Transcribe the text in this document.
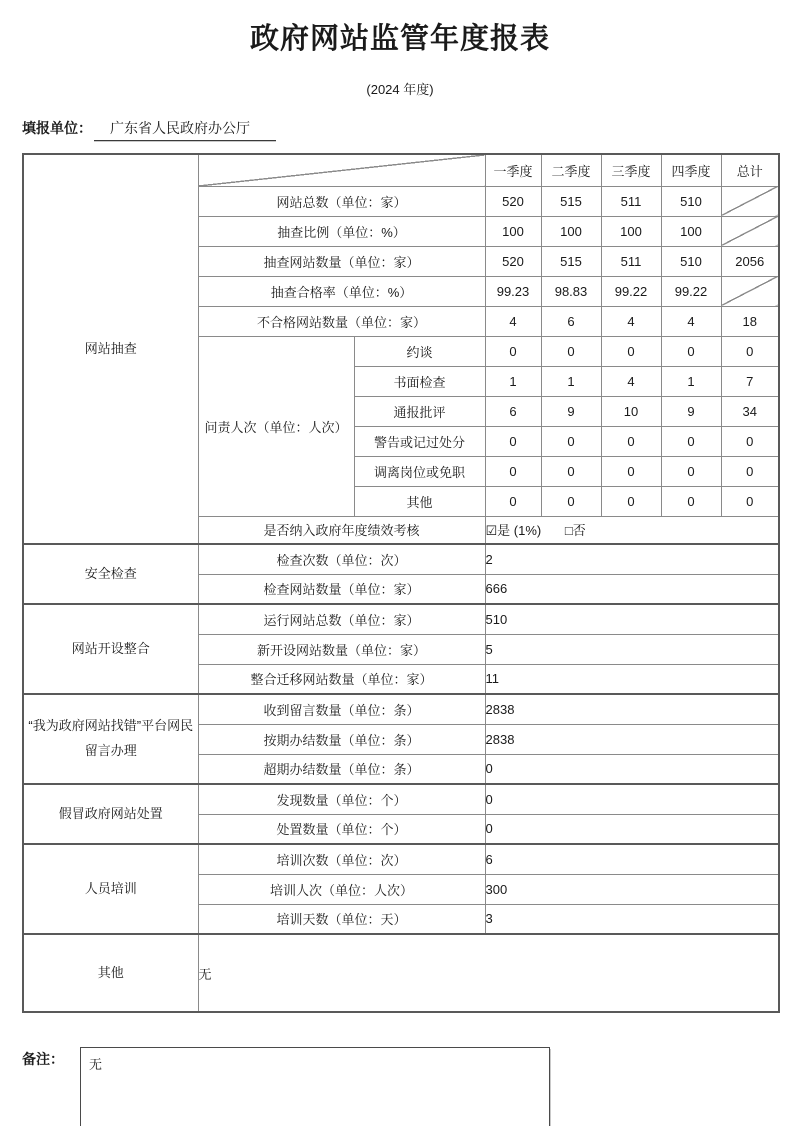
政府网站监管年度报表
(2024 年度)
填报单位： 广东省人民政府办公厅
网站抽查			一季度	二季度	三季度	四季度	总计
	网站总数（单位：家）		520	515	511	510	
	抽查比例（单位：%）		100	100	100	100	
	抽查网站数量（单位：家）		520	515	511	510	2056
	抽查合格率（单位：%）		99.23	98.83	99.22	99.22	
	不合格网站数量（单位：家）		4	6	4	4	18
	问责人次（单位：人次）	约谈	0	0	0	0	0
		书面检查	1	1	4	1	7
		通报批评	6	9	10	9	34
		警告或记过处分	0	0	0	0	0
		调离岗位或免职	0	0	0	0	0
		其他	0	0	0	0	0
	是否纳入政府年度绩效考核		☑是 (1%) □否				
安全检查	检查次数（单位：次）		2				
	检查网站数量（单位：家）		666				
网站开设整合	运行网站总数（单位：家）		510				
	新开设网站数量（单位：家）		5				
	整合迁移网站数量（单位：家）		11				
“我为政府网站找错”平台网民留言办理	收到留言数量（单位：条）		2838				
	按期办结数量（单位：条）		2838				
	超期办结数量（单位：条）		0				
假冒政府网站处置	发现数量（单位：个）		0				
	处置数量（单位：个）		0				
人员培训	培训次数（单位：次）		6				
	培训人次（单位：人次）		300				
	培训天数（单位：天）		3				
其他	无						
备注：	无
